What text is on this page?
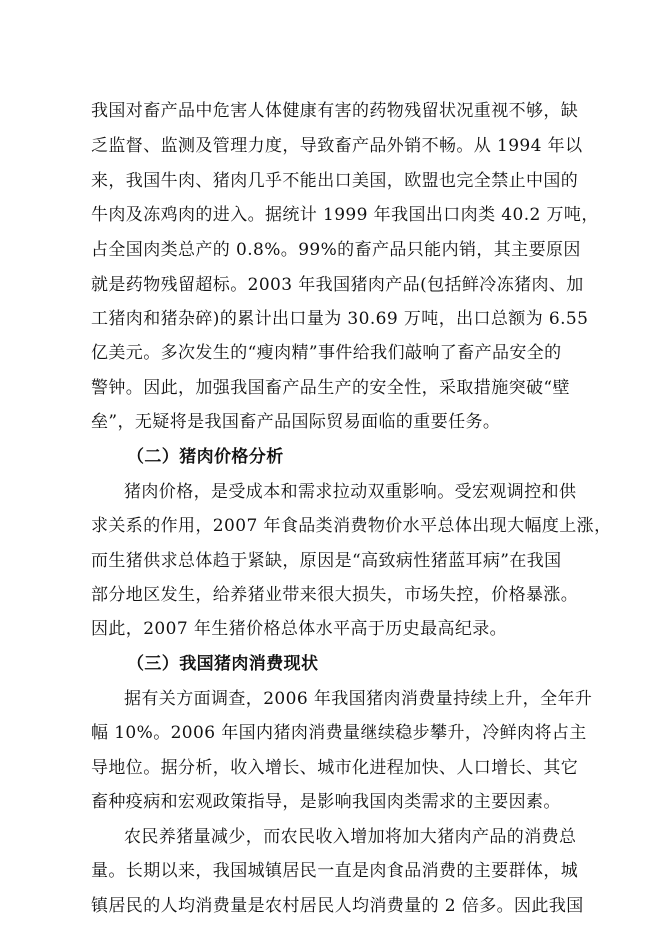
我国对畜产品中危害人体健康有害的药物残留状况重视不够，缺
乏监督、监测及管理力度，导致畜产品外销不畅。从 1994 年以
来，我国牛肉、猪肉几乎不能出口美国，欧盟也完全禁止中国的
牛肉及冻鸡肉的进入。据统计 1999 年我国出口肉类 40.2 万吨，
占全国肉类总产的 0.8%。99%的畜产品只能内销，其主要原因
就是药物残留超标。2003 年我国猪肉产品(包括鲜冷冻猪肉、加
工猪肉和猪杂碎)的累计出口量为 30.69 万吨，出口总额为 6.55
亿美元。多次发生的“瘦肉精”事件给我们敲响了畜产品安全的
警钟。因此，加强我国畜产品生产的安全性，采取措施突破“壁
垒”，无疑将是我国畜产品国际贸易面临的重要任务。
（二）猪肉价格分析
猪肉价格，是受成本和需求拉动双重影响。受宏观调控和供
求关系的作用，2007 年食品类消费物价水平总体出现大幅度上涨，
而生猪供求总体趋于紧缺，原因是“高致病性猪蓝耳病”在我国
部分地区发生，给养猪业带来很大损失，市场失控，价格暴涨。
因此，2007 年生猪价格总体水平高于历史最高纪录。
（三）我国猪肉消费现状
据有关方面调查，2006 年我国猪肉消费量持续上升，全年升
幅 10%。2006 年国内猪肉消费量继续稳步攀升，冷鲜肉将占主
导地位。据分析，收入增长、城市化进程加快、人口增长、其它
畜种疫病和宏观政策指导，是影响我国肉类需求的主要因素。
农民养猪量减少，而农民收入增加将加大猪肉产品的消费总
量。长期以来，我国城镇居民一直是肉食品消费的主要群体，城
镇居民的人均消费量是农村居民人均消费量的 2 倍多。因此我国
